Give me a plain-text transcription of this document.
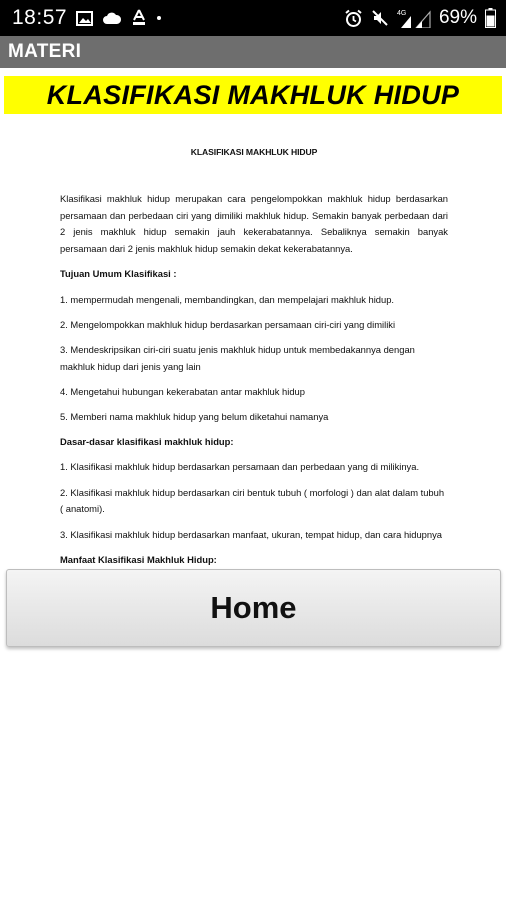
18:57	4G 69%
MATERI
KLASIFIKASI MAKHLUK HIDUP
KLASIFIKASI MAKHLUK HIDUP

Klasifikasi makhluk hidup merupakan cara pengelompokkan makhluk hidup berdasarkan persamaan dan perbedaan ciri yang dimiliki makhluk hidup. Semakin banyak perbedaan dari 2 jenis makhluk hidup semakin jauh kekerabatannya. Sebaliknya semakin banyak persamaan dari 2 jenis makhluk hidup semakin dekat kekerabatannya.

Tujuan Umum Klasifikasi :

1. mempermudah mengenali, membandingkan, dan mempelajari makhluk hidup.

2. Mengelompokkan makhluk hidup berdasarkan persamaan ciri-ciri yang dimiliki

3. Mendeskripsikan ciri-ciri suatu jenis makhluk hidup untuk membedakannya dengan makhluk hidup dari jenis yang lain

4. Mengetahui hubungan kekerabatan antar makhluk hidup

5. Memberi nama makhluk hidup yang belum diketahui namanya

Dasar-dasar klasifikasi makhluk hidup:

1. Klasifikasi makhluk hidup berdasarkan persamaan dan perbedaan yang di milikinya.

2. Klasifikasi makhluk hidup berdasarkan ciri bentuk tubuh ( morfologi ) dan alat dalam tubuh ( anatomi).

3. Klasifikasi makhluk hidup berdasarkan manfaat, ukuran, tempat hidup, dan cara hidupnya

Manfaat Klasifikasi Makhluk Hidup:

Home
